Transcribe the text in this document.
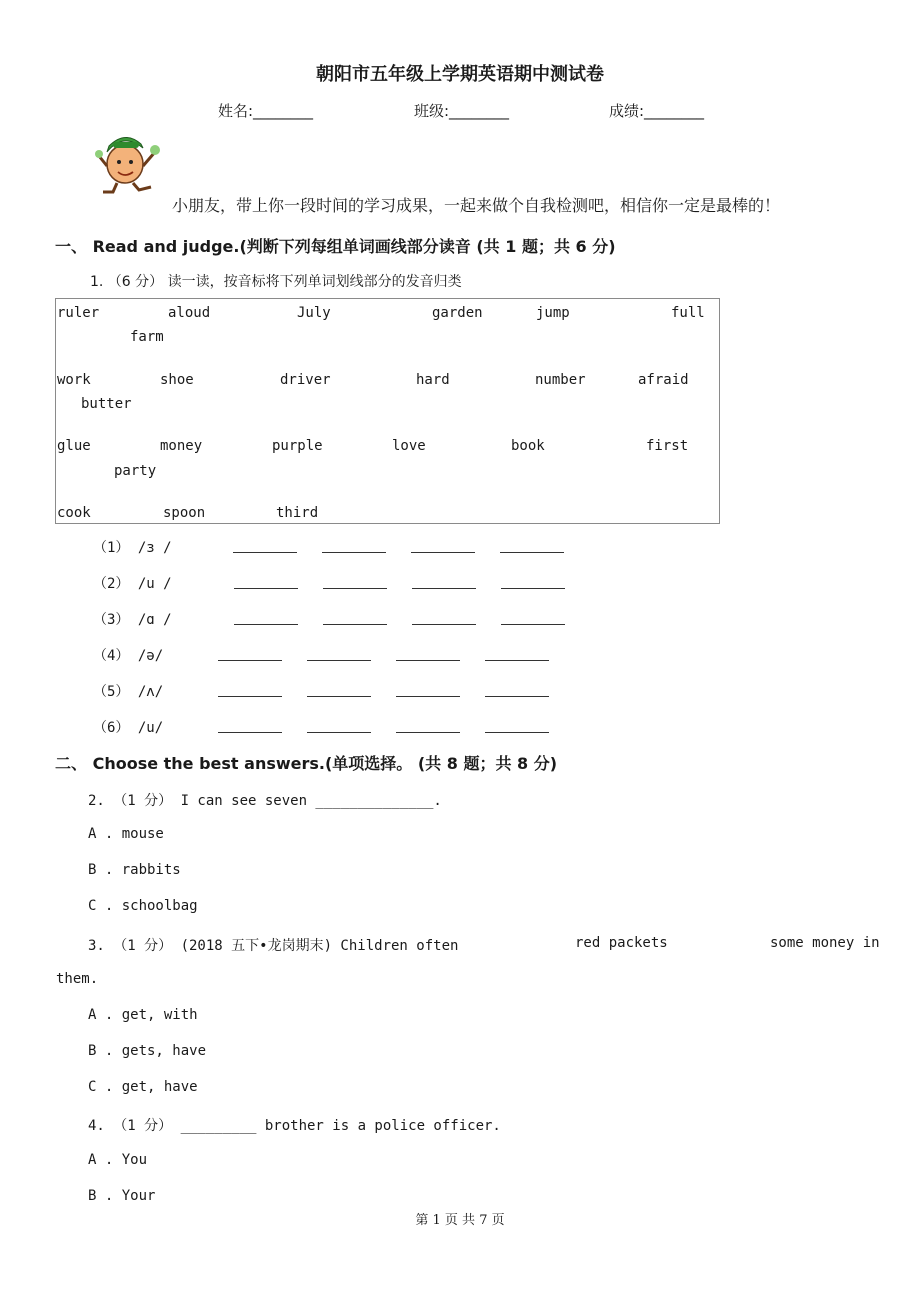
朝阳市五年级上学期英语期中测试卷
姓名:________	班级:________	成绩:________
小朋友，带上你一段时间的学习成果，一起来做个自我检测吧，相信你一定是最棒的！
一、 Read and judge.(判断下列每组单词画线部分读音 (共 1 题；共 6 分)
1. （6 分） 读一读，按音标将下列单词划线部分的发音归类
ruler	aloud	July	garden	jump	full
farm
work	shoe	driver	hard	number	afraid
butter
glue	money	purple	love	book	first
party
cook	spoon	third
（1） /ɜ /
（2） /u /
（3） /ɑ /
（4） /ə/
（5） /ʌ/
（6） /u/
二、 Choose the best answers.(单项选择。 (共 8 题；共 8 分)
2. （1 分） I can see seven ______________.
A . mouse
B . rabbits
C . schoolbag
3. （1 分） (2018 五下•龙岗期末) Children often	red packets	some money in
them.
A . get, with
B . gets, have
C . get, have
4. （1 分） _________ brother is a police officer.
A . You
B . Your
第 1 页 共 7 页
